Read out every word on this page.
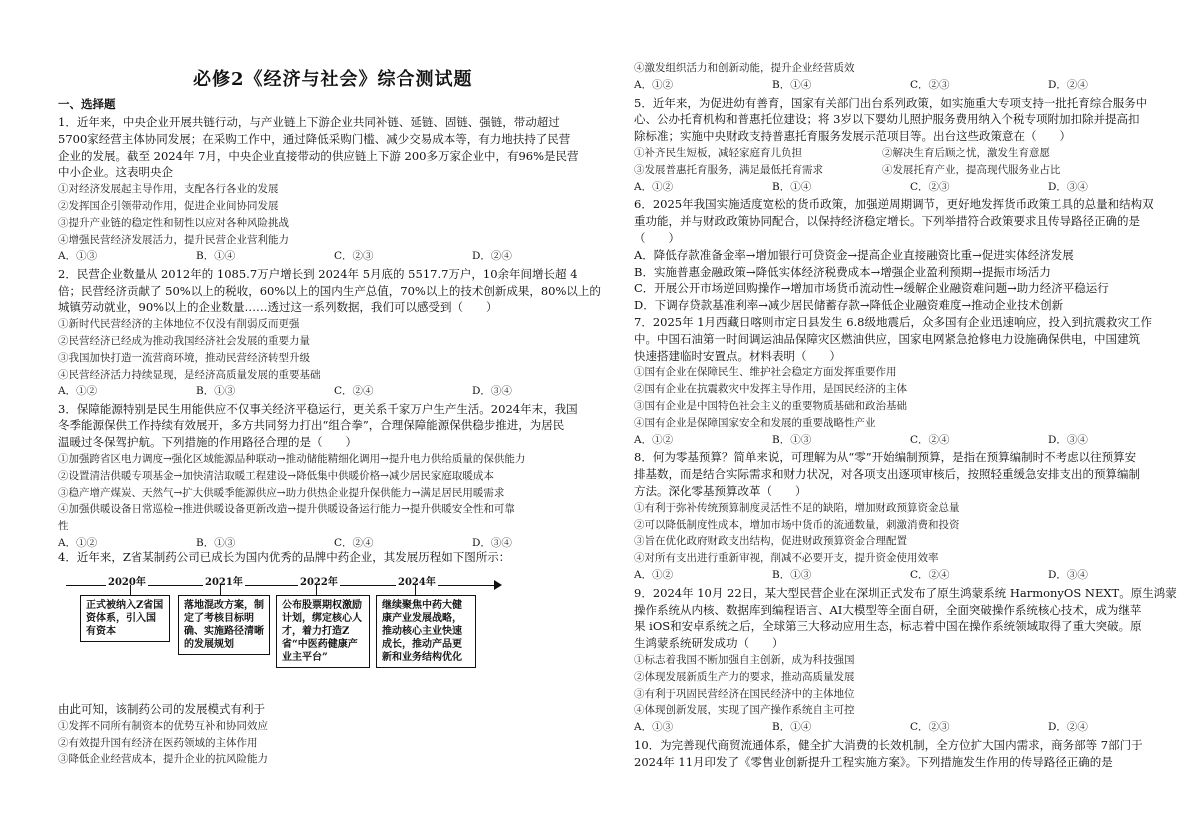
必修2《经济与社会》综合测试题
一、选择题
1．近年来，中央企业开展共链行动，与产业链上下游企业共同补链、延链、固链、强链，带动超过
5700家经营主体协同发展；在采购工作中，通过降低采购门槛、减少交易成本等，有力地扶持了民营
企业的发展。截至 2024年 7月，中央企业直接带动的供应链上下游 200多万家企业中，有96%是民营
中小企业。这表明央企
①对经济发展起主导作用，支配各行各业的发展
②发挥国企引领带动作用，促进企业间协同发展
③提升产业链的稳定性和韧性以应对各种风险挑战
④增强民营经济发展活力，提升民营企业营利能力
A．①③	B．①④	C．②③	D．②④
2．民营企业数量从 2012年的 1085.7万户增长到 2024年 5月底的 5517.7万户，10余年间增长超 4
倍；民营经济贡献了 50%以上的税收，60%以上的国内生产总值，70%以上的技术创新成果，80%以上的
城镇劳动就业，90%以上的企业数量……透过这一系列数据，我们可以感受到（　　）
①新时代民营经济的主体地位不仅没有削弱反而更强
②民营经济已经成为推动我国经济社会发展的重要力量
③我国加快打造一流营商环境，推动民营经济转型升级
④民营经济活力持续显现，是经济高质量发展的重要基础
A．①②	B．①③	C．②④	D．③④
3．保障能源特别是民生用能供应不仅事关经济平稳运行，更关系千家万户生产生活。2024年末，我国
冬季能源保供工作持续有效展开，多方共同努力打出“组合拳”，合理保障能源保供稳步推进，为居民
温暖过冬保驾护航。下列措施的作用路径合理的是（　　）
①加强跨省区电力调度→强化区域能源品种联动→推动储能精细化调用→提升电力供给质量的保供能力
②设置清洁供暖专项基金→加快清洁取暖工程建设→降低集中供暖价格→减少居民家庭取暖成本
③稳产增产煤炭、天然气→扩大供暖季能源供应→助力供热企业提升保供能力→满足居民用暖需求
④加强供暖设备日常巡检→推进供暖设备更新改造→提升供暖设备运行能力→提升供暖安全性和可靠
性
A．①②	B．①③	C．②④	D．③④
4．近年来，Z省某制药公司已成长为国内优秀的品牌中药企业，其发展历程如下图所示：
2020年
正式被纳入Z省国资体系，引入国有资本
2021年
落地混改方案，制定了考核目标明确、实施路径清晰的发展规划
2022年
公布股票期权激励计划，绑定核心人才，着力打造Z省“中医药健康产业主平台”
2024年
继续聚焦中药大健康产业发展战略，推动核心主业快速成长，推动产品更新和业务结构优化
由此可知，该制药公司的发展模式有利于
①发挥不同所有制资本的优势互补和协同效应
②有效提升国有经济在医药领域的主体作用
③降低企业经营成本，提升企业的抗风险能力
④激发组织活力和创新动能，提升企业经营质效
A．①②	B．①④	C．②③	D．②④
5．近年来，为促进幼有善育，国家有关部门出台系列政策，如实施重大专项支持一批托育综合服务中
心、公办托育机构和普惠托位建设；将 3岁以下婴幼儿照护服务费用纳入个税专项附加扣除并提高扣
除标准；实施中央财政支持普惠托育服务发展示范项目等。出台这些政策意在（　　）
①补齐民生短板，减轻家庭育儿负担	②解决生育后顾之忧，激发生育意愿
③发展普惠托育服务，满足最低托育需求	④发展托育产业，提高现代服务业占比
A．①②	B．①④	C．②③	D．③④
6．2025年我国实施适度宽松的货币政策，加强逆周期调节，更好地发挥货币政策工具的总量和结构双
重功能，并与财政政策协同配合，以保持经济稳定增长。下列举措符合政策要求且传导路径正确的是
（　　）
A．降低存款准备金率→增加银行可贷资金→提高企业直接融资比重→促进实体经济发展
B．实施普惠金融政策→降低实体经济税费成本→增强企业盈利预期→提振市场活力
C．开展公开市场逆回购操作→增加市场货币流动性→缓解企业融资难问题→助力经济平稳运行
D．下调存贷款基准利率→减少居民储蓄存款→降低企业融资难度→推动企业技术创新
7．2025年 1月西藏日喀则市定日县发生 6.8级地震后，众多国有企业迅速响应，投入到抗震救灾工作
中。中国石油第一时间调运油品保障灾区燃油供应，国家电网紧急抢修电力设施确保供电，中国建筑
快速搭建临时安置点。材料表明（　　）
①国有企业在保障民生、维护社会稳定方面发挥重要作用
②国有企业在抗震救灾中发挥主导作用，是国民经济的主体
③国有企业是中国特色社会主义的重要物质基础和政治基础
④国有企业是保障国家安全和发展的重要战略性产业
A．①②	B．①③	C．②④	D．③④
8．何为零基预算？简单来说，可理解为从“零”开始编制预算，是指在预算编制时不考虑以往预算安
排基数，而是结合实际需求和财力状况，对各项支出逐项审核后，按照轻重缓急安排支出的预算编制
方法。深化零基预算改革（　　）
①有利于弥补传统预算制度灵活性不足的缺陷，增加财政预算资金总量
②可以降低制度性成本，增加市场中货币的流通数量，刺激消费和投资
③旨在优化政府财政支出结构，促进财政预算资金合理配置
④对所有支出进行重新审视，削减不必要开支，提升资金使用效率
A．①②	B．①③	C．②④	D．③④
9．2024年 10月 22日，某大型民营企业在深圳正式发布了原生鸿蒙系统 HarmonyOS NEXT。原生鸿蒙
操作系统从内核、数据库到编程语言、AI大模型等全面自研，全面突破操作系统核心技术，成为继苹
果 iOS和安卓系统之后，全球第三大移动应用生态，标志着中国在操作系统领域取得了重大突破。原
生鸿蒙系统研发成功（　　）
①标志着我国不断加强自主创新，成为科技强国
②体现发展新质生产力的要求，推动高质量发展
③有利于巩固民营经济在国民经济中的主体地位
④体现创新发展，实现了国产操作系统自主可控
A．①③	B．①④	C．②③	D．②④
10．为完善现代商贸流通体系，健全扩大消费的长效机制，全方位扩大国内需求，商务部等 7部门于
2024年 11月印发了《零售业创新提升工程实施方案》。下列措施发生作用的传导路径正确的是
